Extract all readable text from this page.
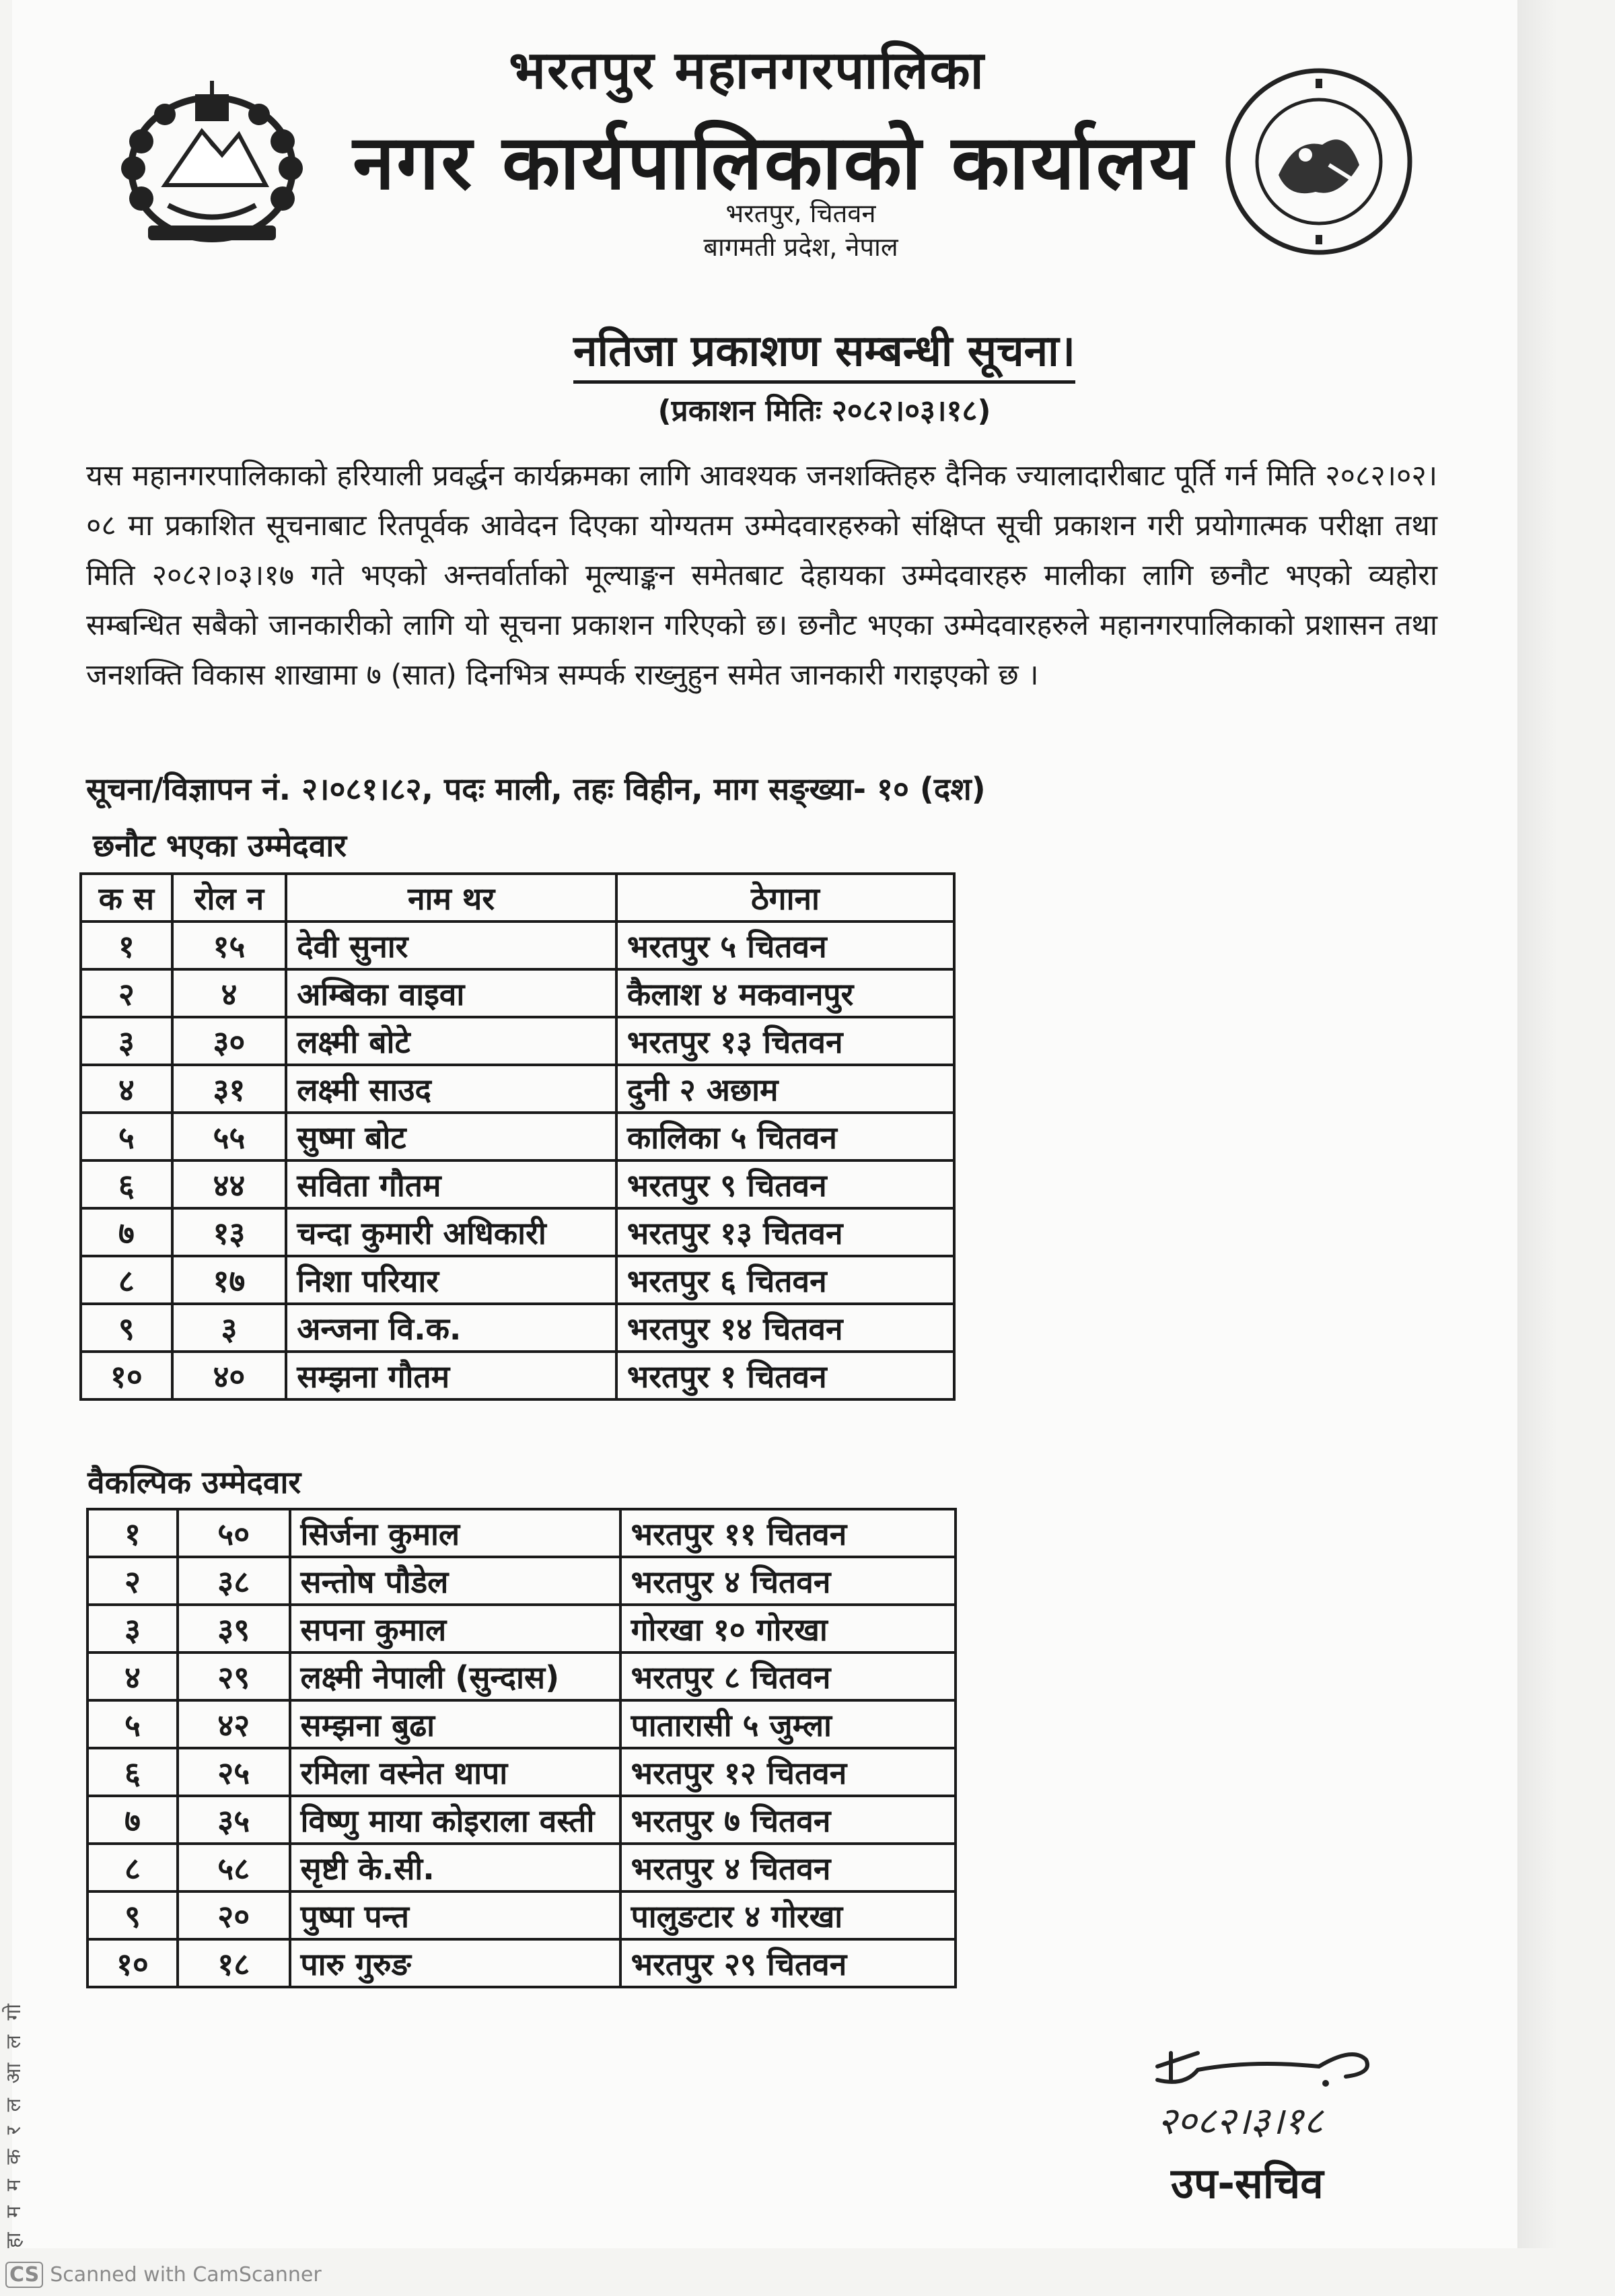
हा म म क र ल आ ल गो
भरतपुर महानगरपालिका
नगर कार्यपालिकाको कार्यालय
भरतपुर, चितवन
बागमती प्रदेश, नेपाल
नतिजा प्रकाशण सम्बन्धी सूचना।
(प्रकाशन मितिः २०८२।०३।१८)
यस महानगरपालिकाको हरियाली प्रवर्द्धन कार्यक्रमका लागि आवश्यक जनशक्तिहरु दैनिक ज्यालादारीबाट पूर्ति गर्न मिति २०८२।०२।०८ मा प्रकाशित सूचनाबाट रितपूर्वक आवेदन दिएका योग्यतम उम्मेदवारहरुको संक्षिप्त सूची प्रकाशन गरी प्रयोगात्मक परीक्षा तथा मिति २०८२।०३।१७ गते भएको अन्तर्वार्ताको मूल्याङ्कन समेतबाट देहायका उम्मेदवारहरु मालीका लागि छनौट भएको व्यहोरा सम्बन्धित सबैको जानकारीको लागि यो सूचना प्रकाशन गरिएको छ। छनौट भएका उम्मेदवारहरुले महानगरपालिकाको प्रशासन तथा जनशक्ति विकास शाखामा ७ (सात) दिनभित्र सम्पर्क राख्नुहुन समेत जानकारी गराइएको छ ।
सूचना/विज्ञापन नं. २।०८१।८२, पदः माली, तहः विहीन, माग सङ्ख्या- १० (दश)
छनौट भएका उम्मेदवार
क स	रोल न	नाम थर	ठेगाना
१	१५	देवी सुनार	भरतपुर ५ चितवन
२	४	अम्बिका वाइवा	कैलाश ४ मकवानपुर
३	३०	लक्ष्मी बोटे	भरतपुर १३ चितवन
४	३१	लक्ष्मी साउद	दुनी २ अछाम
५	५५	सुष्मा बोट	कालिका ५ चितवन
६	४४	सविता गौतम	भरतपुर ९ चितवन
७	१३	चन्दा कुमारी अधिकारी	भरतपुर १३ चितवन
८	१७	निशा परियार	भरतपुर ६ चितवन
९	३	अन्जना वि.क.	भरतपुर १४ चितवन
१०	४०	सम्झना गौतम	भरतपुर १ चितवन
वैकल्पिक उम्मेदवार
१	५०	सिर्जना कुमाल	भरतपुर ११ चितवन
२	३८	सन्तोष पौडेल	भरतपुर ४ चितवन
३	३९	सपना कुमाल	गोरखा १० गोरखा
४	२९	लक्ष्मी नेपाली (सुन्दास)	भरतपुर ८ चितवन
५	४२	सम्झना बुढा	पातारासी ५ जुम्ला
६	२५	रमिला वस्नेत थापा	भरतपुर १२ चितवन
७	३५	विष्णु माया कोइराला वस्ती	भरतपुर ७ चितवन
८	५८	सृष्टी के.सी.	भरतपुर ४ चितवन
९	२०	पुष्पा पन्त	पालुङटार ४ गोरखा
१०	१८	पारु गुरुङ	भरतपुर २९ चितवन
२०८२।३।१८
उप-सचिव
CS Scanned with CamScanner
